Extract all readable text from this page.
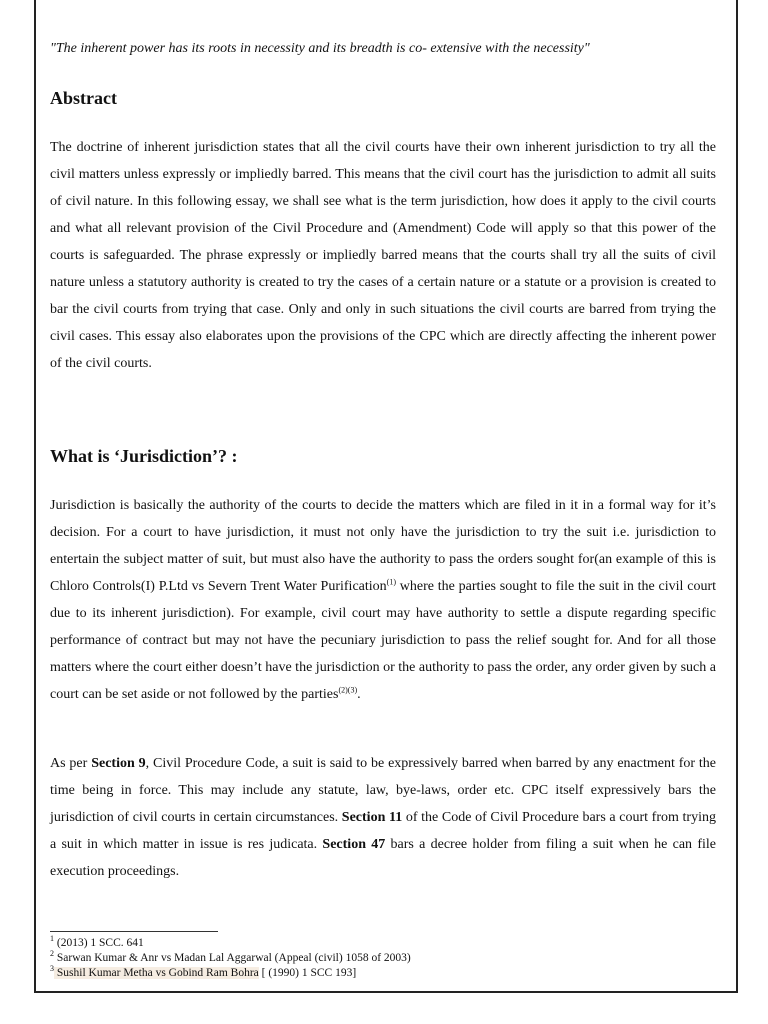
"The inherent power has its roots in necessity and its breadth is co- extensive with the necessity"
Abstract

The doctrine of inherent jurisdiction states that all the civil courts have their own inherent jurisdiction to try all the civil matters unless expressly or impliedly barred. This means that the civil court has the jurisdiction to admit all suits of civil nature. In this following essay, we shall see what is the term jurisdiction, how does it apply to the civil courts and what all relevant provision of the Civil Procedure and (Amendment) Code will apply so that this power of the courts is safeguarded. The phrase expressly or impliedly barred means that the courts shall try all the suits of civil nature unless a statutory authority is created to try the cases of a certain nature or a statute or a provision is created to bar the civil courts from trying that case. Only and only in such situations the civil courts are barred from trying the civil cases. This essay also elaborates upon the provisions of the CPC which are directly affecting the inherent power of the civil courts.

What is ‘Jurisdiction’? :

Jurisdiction is basically the authority of the courts to decide the matters which are filed in it in a formal way for it’s decision. For a court to have jurisdiction, it must not only have the jurisdiction to try the suit i.e. jurisdiction to entertain the subject matter of suit, but must also have the authority to pass the orders sought for(an example of this is Chloro Controls(I) P.Ltd vs Severn Trent Water Purification$^{(1)}$ where the parties sought to file the suit in the civil court due to its inherent jurisdiction). For example, civil court may have authority to settle a dispute regarding specific performance of contract but may not have the pecuniary jurisdiction to pass the relief sought for. And for all those matters where the court either doesn’t have the jurisdiction or the authority to pass the order, any order given by such a court can be set aside or not followed by the parties$^{(2)(3)}$.

As per Section 9, Civil Procedure Code, a suit is said to be expressively barred when barred by any enactment for the time being in force. This may include any statute, law, bye-laws, order etc. CPC itself expressively bars the jurisdiction of civil courts in certain circumstances. Section 11 of the Code of Civil Procedure bars a court from trying a suit in which matter in issue is res judicata. Section 47 bars a decree holder from filing a suit when he can file execution proceedings.

$^1$ (2013) 1 SCC. 641
$^2$ Sarwan Kumar & Anr vs Madan Lal Aggarwal (Appeal (civil) 1058 of 2003)
$^3$ Sushil Kumar Metha vs Gobind Ram Bohra [ (1990) 1 SCC 193]
